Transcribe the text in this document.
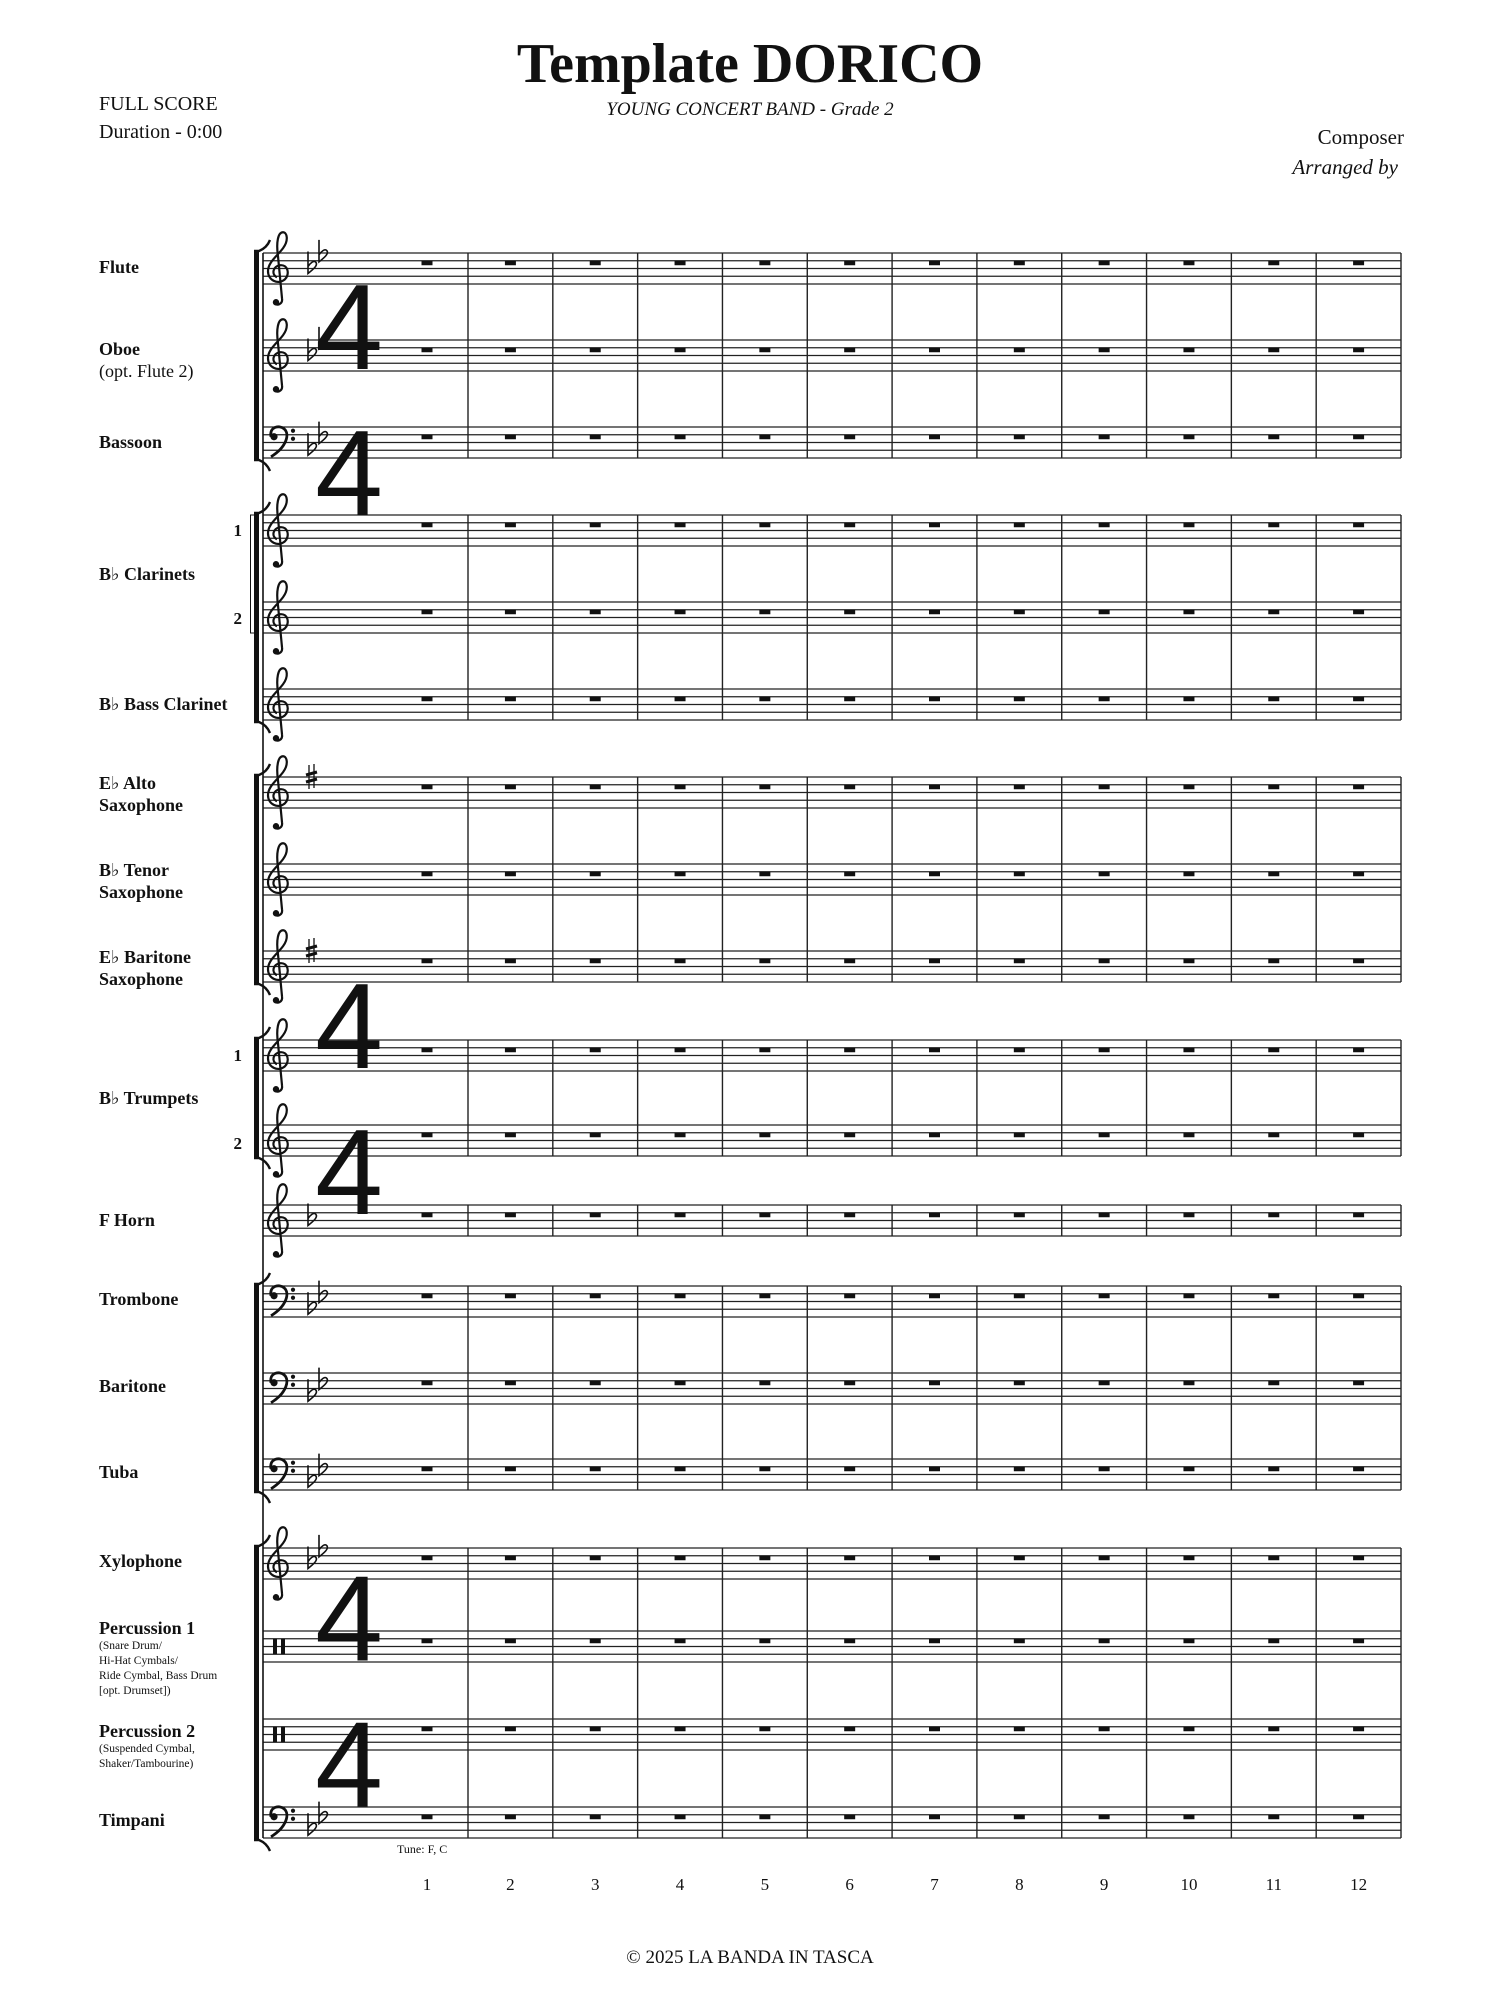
Template DORICO
YOUNG CONCERT BAND - Grade 2
FULL SCORE
Duration - 0:00	Composer
Arranged by
4
4
4
4
4
4
1	2	3	4	5	6	7	8	9	10	11	12
Tune: F, C
Flute
Oboe
(opt. Flute 2)
Bassoon
1
B♭ Clarinets
2
B♭ Bass Clarinet
E♭ Alto
Saxophone
B♭ Tenor
Saxophone
E♭ Baritone
Saxophone
1
B♭ Trumpets
2
F Horn
Trombone
Baritone
Tuba
Xylophone
Percussion 1
(Snare Drum/
Hi-Hat Cymbals/
Ride Cymbal, Bass Drum
[opt. Drumset])
Percussion 2
(Suspended Cymbal,
Shaker/Tambourine)
Timpani
© 2025 LA BANDA IN TASCA
